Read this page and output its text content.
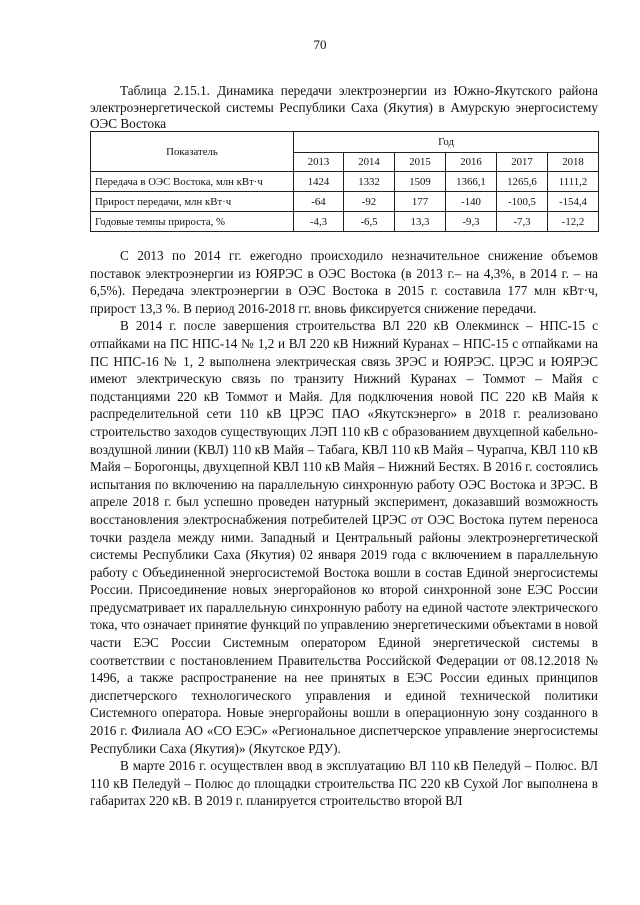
70

Таблица 2.15.1. Динамика передачи электроэнергии из Южно-Якутского района электроэнергетической системы Республики Саха (Якутия) в Амурскую энергосистему ОЭС Востока

Показатель	Год					
	2013	2014	2015	2016	2017	2018
Передача в ОЭС Востока, млн кВт·ч	1424	1332	1509	1366,1	1265,6	1111,2
Прирост передачи, млн кВт·ч	-64	-92	177	-140	-100,5	-154,4
Годовые темпы прироста, %	-4,3	-6,5	13,3	-9,3	-7,3	-12,2

С 2013 по 2014 гг. ежегодно происходило незначительное снижение объемов поставок электроэнергии из ЮЯРЭС в ОЭС Востока (в 2013 г.– на 4,3%, в 2014 г. – на 6,5%). Передача электроэнергии в ОЭС Востока в 2015 г. составила 177 млн кВт·ч, прирост 13,3 %. В период 2016-2018 гг. вновь фиксируется снижение передачи.

В 2014 г. после завершения строительства ВЛ 220 кВ Олекминск – НПС-15 с отпайками на ПС НПС-14 № 1,2 и ВЛ 220 кВ Нижний Куранах – НПС-15 с отпайками на ПС НПС-16 № 1, 2 выполнена электрическая связь ЗРЭС и ЮЯРЭС. ЦРЭС и ЮЯРЭС имеют электрическую связь по транзиту Нижний Куранах – Томмот – Майя с подстанциями 220 кВ Томмот и Майя. Для подключения новой ПС 220 кВ Майя к распределительной сети 110 кВ ЦРЭС ПАО «Якутскэнерго» в 2018 г. реализовано строительство заходов существующих ЛЭП 110 кВ с образованием двухцепной кабельно-воздушной линии (КВЛ) 110 кВ Майя – Табага, КВЛ 110 кВ Майя – Чурапча, КВЛ 110 кВ Майя – Борогонцы, двухцепной КВЛ 110 кВ Майя – Нижний Бестях. В 2016 г. состоялись испытания по включению на параллельную синхронную работу ОЭС Востока и ЗРЭС. В апреле 2018 г. был успешно проведен натурный эксперимент, доказавший возможность восстановления электроснабжения потребителей ЦРЭС от ОЭС Востока путем переноса точки раздела между ними. Западный и Центральный районы электроэнергетической системы Республики Саха (Якутия) 02 января 2019 года с включением в параллельную работу с Объединенной энергосистемой Востока вошли в состав Единой энергосистемы России. Присоединение новых энергорайонов ко второй синхронной зоне ЕЭС России предусматривает их параллельную синхронную работу на единой частоте электрического тока, что означает принятие функций по управлению энергетическими объектами в новой части ЕЭС России Системным оператором Единой энергетической системы в соответствии с постановлением Правительства Российской Федерации от 08.12.2018 № 1496, а также распространение на нее принятых в ЕЭС России единых принципов диспетчерского технологического управления и единой технической политики Системного оператора. Новые энергорайоны вошли в операционную зону созданного в 2016 г. Филиала АО «СО ЕЭС» «Региональное диспетчерское управление энергосистемы Республики Саха (Якутия)» (Якутское РДУ).

В марте 2016 г. осуществлен ввод в эксплуатацию ВЛ 110 кВ Пеледуй – Полюс. ВЛ 110 кВ Пеледуй – Полюс до площадки строительства ПС 220 кВ Сухой Лог выполнена в габаритах 220 кВ. В 2019 г. планируется строительство второй ВЛ
